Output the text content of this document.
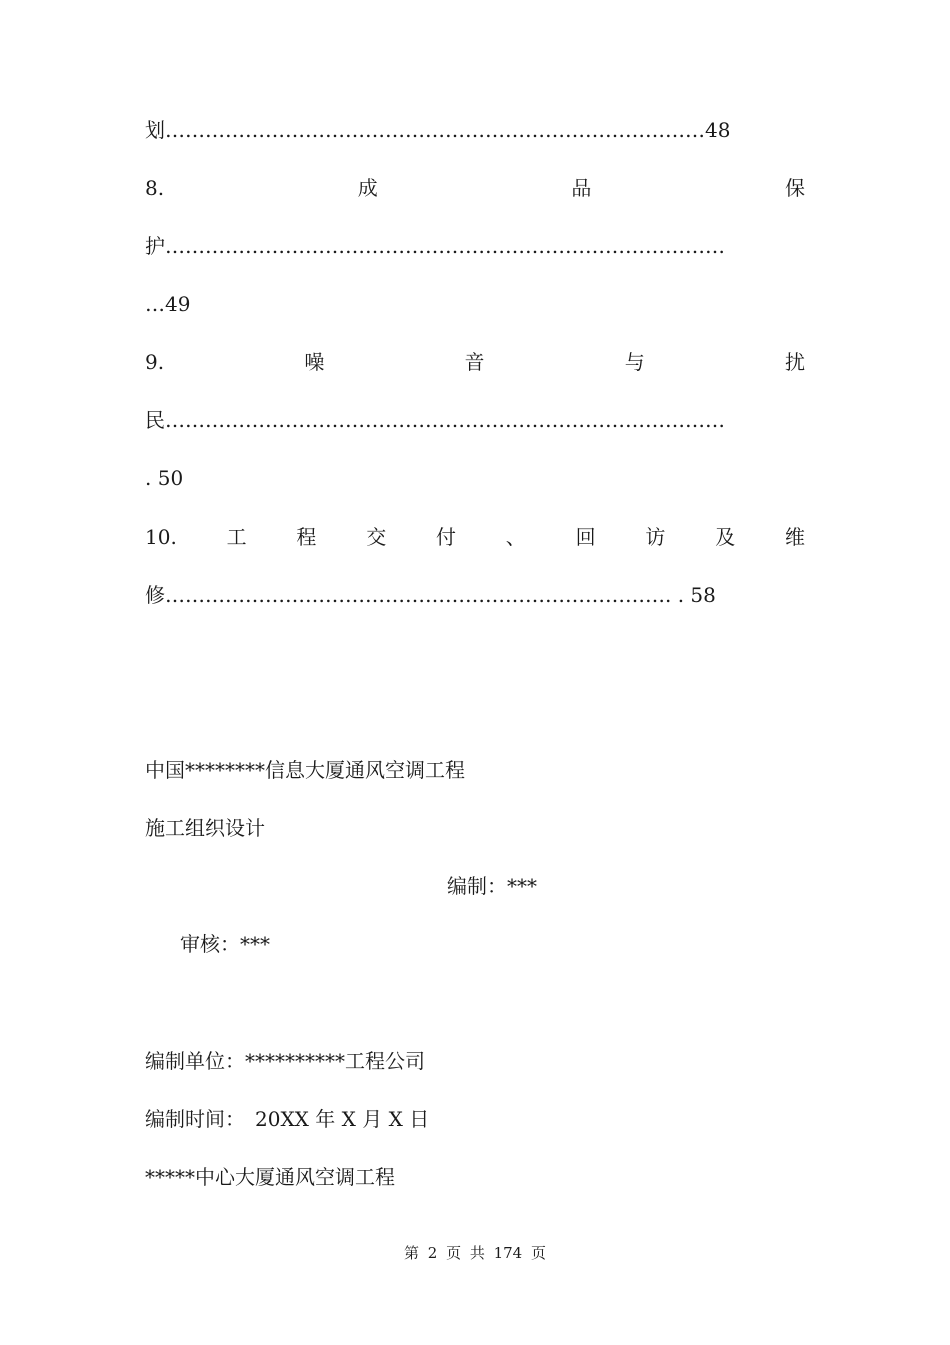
划………………………………………………………………………48
8.	成	品	保
护…………………………………………………………………………
…49
9.	噪	音	与	扰
民…………………………………………………………………………
. 50
10. 工 程 交 付 、 回 访 及 维
修…………………………………………………………………. . 58
中国********信息大厦通风空调工程
施工组织设计
编制：***
审核：***
编制单位：**********工程公司
编制时间：　20XX 年 X 月 X 日
*****中心大厦通风空调工程
第 2 页 共 174 页
